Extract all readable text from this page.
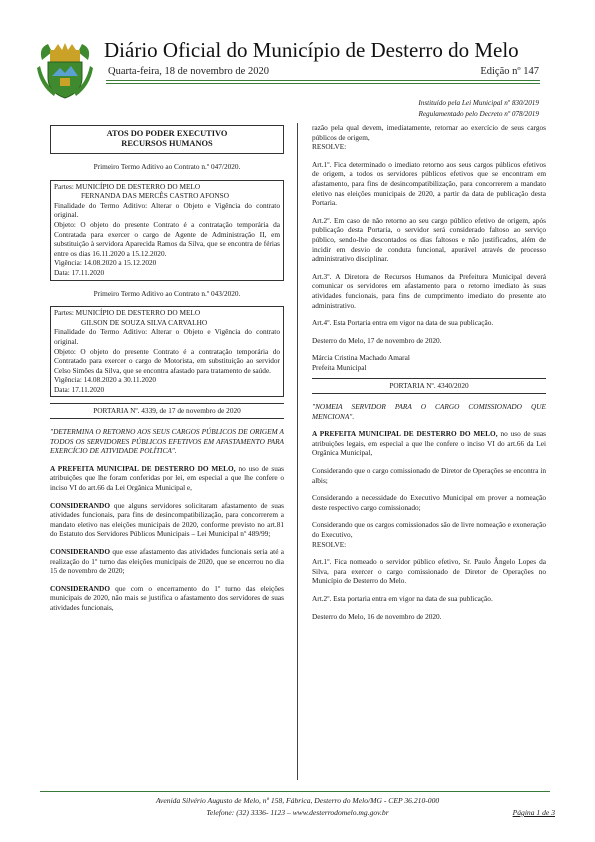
Diário Oficial do Município de Desterro do Melo
Quarta-feira, 18 de novembro de 2020	Edição nº 147
Instituído pela Lei Municipal nº 830/2019
Regulamentado pelo Decreto nº 078/2019
ATOS DO PODER EXECUTIVO
RECURSOS HUMANOS

Primeiro Termo Aditivo ao Contrato n.º 047/2020.

Partes: MUNICÍPIO DE DESTERRO DO MELO

FERNANDA DAS MERCÊS CASTRO AFONSO

Finalidade do Termo Aditivo: Alterar o Objeto e Vigência do contrato original.

Objeto: O objeto do presente Contrato é a contratação temporária da Contratada para exercer o cargo de Agente de Administração II, em substituição à servidora Aparecida Ramos da Silva, que se encontra de férias entre os dias 16.11.2020 a 15.12.2020.

Vigência: 14.08.2020 a 15.12.2020

Data: 17.11.2020

Primeiro Termo Aditivo ao Contrato n.º 043/2020.

Partes: MUNICÍPIO DE DESTERRO DO MELO

GILSON DE SOUZA SILVA CARVALHO

Finalidade do Termo Aditivo: Alterar o Objeto e Vigência do contrato original.

Objeto: O objeto do presente Contrato é a contratação temporária do Contratado para exercer o cargo de Motorista, em substituição ao servidor Celso Simões da Silva, que se encontra afastado para tratamento de saúde.

Vigência: 14.08.2020 a 30.11.2020

Data: 17.11.2020

PORTARIA Nº. 4339, de 17 de novembro de 2020

"DETERMINA O RETORNO AOS SEUS CARGOS PÚBLICOS DE ORIGEM A TODOS OS SERVIDORES PÚBLICOS EFETIVOS EM AFASTAMENTO PARA EXERCÍCIO DE ATIVIDADE POLÍTICA".

A PREFEITA MUNICIPAL DE DESTERRO DO MELO, no uso de suas atribuições que lhe foram conferidas por lei, em especial a que lhe confere o inciso VI do art.66 da Lei Orgânica Municipal e,

CONSIDERANDO que alguns servidores solicitaram afastamento de suas atividades funcionais, para fins de desincompatibilização, para concorrerem a mandato eletivo nas eleições municipais de 2020, conforme previsto no art.81 do Estatuto dos Servidores Públicos Municipais – Lei Municipal nº 489/99;

CONSIDERANDO que esse afastamento das atividades funcionais seria até a realização do 1º turno das eleições municipais de 2020, que se encerrou no dia 15 de novembro de 2020;

CONSIDERANDO que com o encerramento do 1º turno das eleições municipais de 2020, não mais se justifica o afastamento dos servidores de suas atividades funcionais,

razão pela qual devem, imediatamente, retornar ao exercício de seus cargos públicos de origem,

RESOLVE:

Art.1º. Fica determinado o imediato retorno aos seus cargos públicos efetivos de origem, a todos os servidores públicos efetivos que se encontram em afastamento, para fins de desincompatibilização, para concorrerem a mandato eletivo nas eleições municipais de 2020, a partir da data de publicação desta Portaria.

Art.2º. Em caso de não retorno ao seu cargo público efetivo de origem, após publicação desta Portaria, o servidor será considerado faltoso ao serviço público, sendo-lhe descontados os dias faltosos e não justificados, além de incidir em desvio de conduta funcional, apurável através de processo administrativo disciplinar.

Art.3º. A Diretora de Recursos Humanos da Prefeitura Municipal deverá comunicar os servidores em afastamento para o retorno imediato às suas atividades funcionais, para fins de cumprimento imediato do presente ato administrativo.

Art.4º. Esta Portaria entra em vigor na data de sua publicação.

Desterro do Melo, 17 de novembro de 2020.

Márcia Cristina Machado Amaral

Prefeita Municipal

PORTARIA Nº. 4340/2020

"NOMEIA SERVIDOR PARA O CARGO COMISSIONADO QUE MENCIONA".

A PREFEITA MUNICIPAL DE DESTERRO DO MELO, no uso de suas atribuições legais, em especial a que lhe confere o inciso VI do art.66 da Lei Orgânica Municipal,

Considerando que o cargo comissionado de Diretor de Operações se encontra in albis;

Considerando a necessidade do Executivo Municipal em prover a nomeação deste respectivo cargo comissionado;

Considerando que os cargos comissionados são de livre nomeação e exoneração do Executivo,

RESOLVE:

Art.1º. Fica nomeado o servidor público efetivo, Sr. Paulo Ângelo Lopes da Silva, para exercer o cargo comissionado de Diretor de Operações no Município de Desterro do Melo.

Art.2º. Esta portaria entra em vigor na data de sua publicação.

Desterro do Melo, 16 de novembro de 2020.

Avenida Silvério Augusto de Melo, nº 158, Fábrica, Desterro do Melo/MG - CEP 36.210-000
Telefone: (32) 3336- 1123 – www.desterrodomelo.mg.gov.br	Página 1 de 3
